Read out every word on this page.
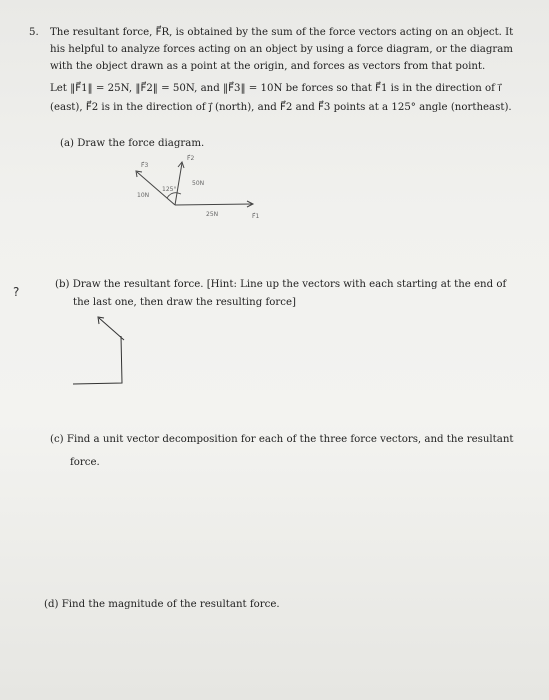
5. The resultant force, F⃗R, is obtained by the sum of the force vectors acting on an object. It
his helpful to analyze forces acting on an object by using a force diagram, or the diagram
with the object drawn as a point at the origin, and forces as vectors from that point.
Let ‖F⃗1‖ = 25N, ‖F⃗2‖ = 50N, and ‖F⃗3‖ = 10N be forces so that F⃗1 is in the direction of i⃗
(east), F⃗2 is in the direction of j⃗ (north), and F⃗2 and F⃗3 points at a 125° angle (northeast).
(a) Draw the force diagram.
F⃗3
F⃗2
10N
50N
125°
25N	F⃗1
?
(b) Draw the resultant force. [Hint: Line up the vectors with each starting at the end of
the last one, then draw the resulting force]
(c) Find a unit vector decomposition for each of the three force vectors, and the resultant
force.
(d) Find the magnitude of the resultant force.
